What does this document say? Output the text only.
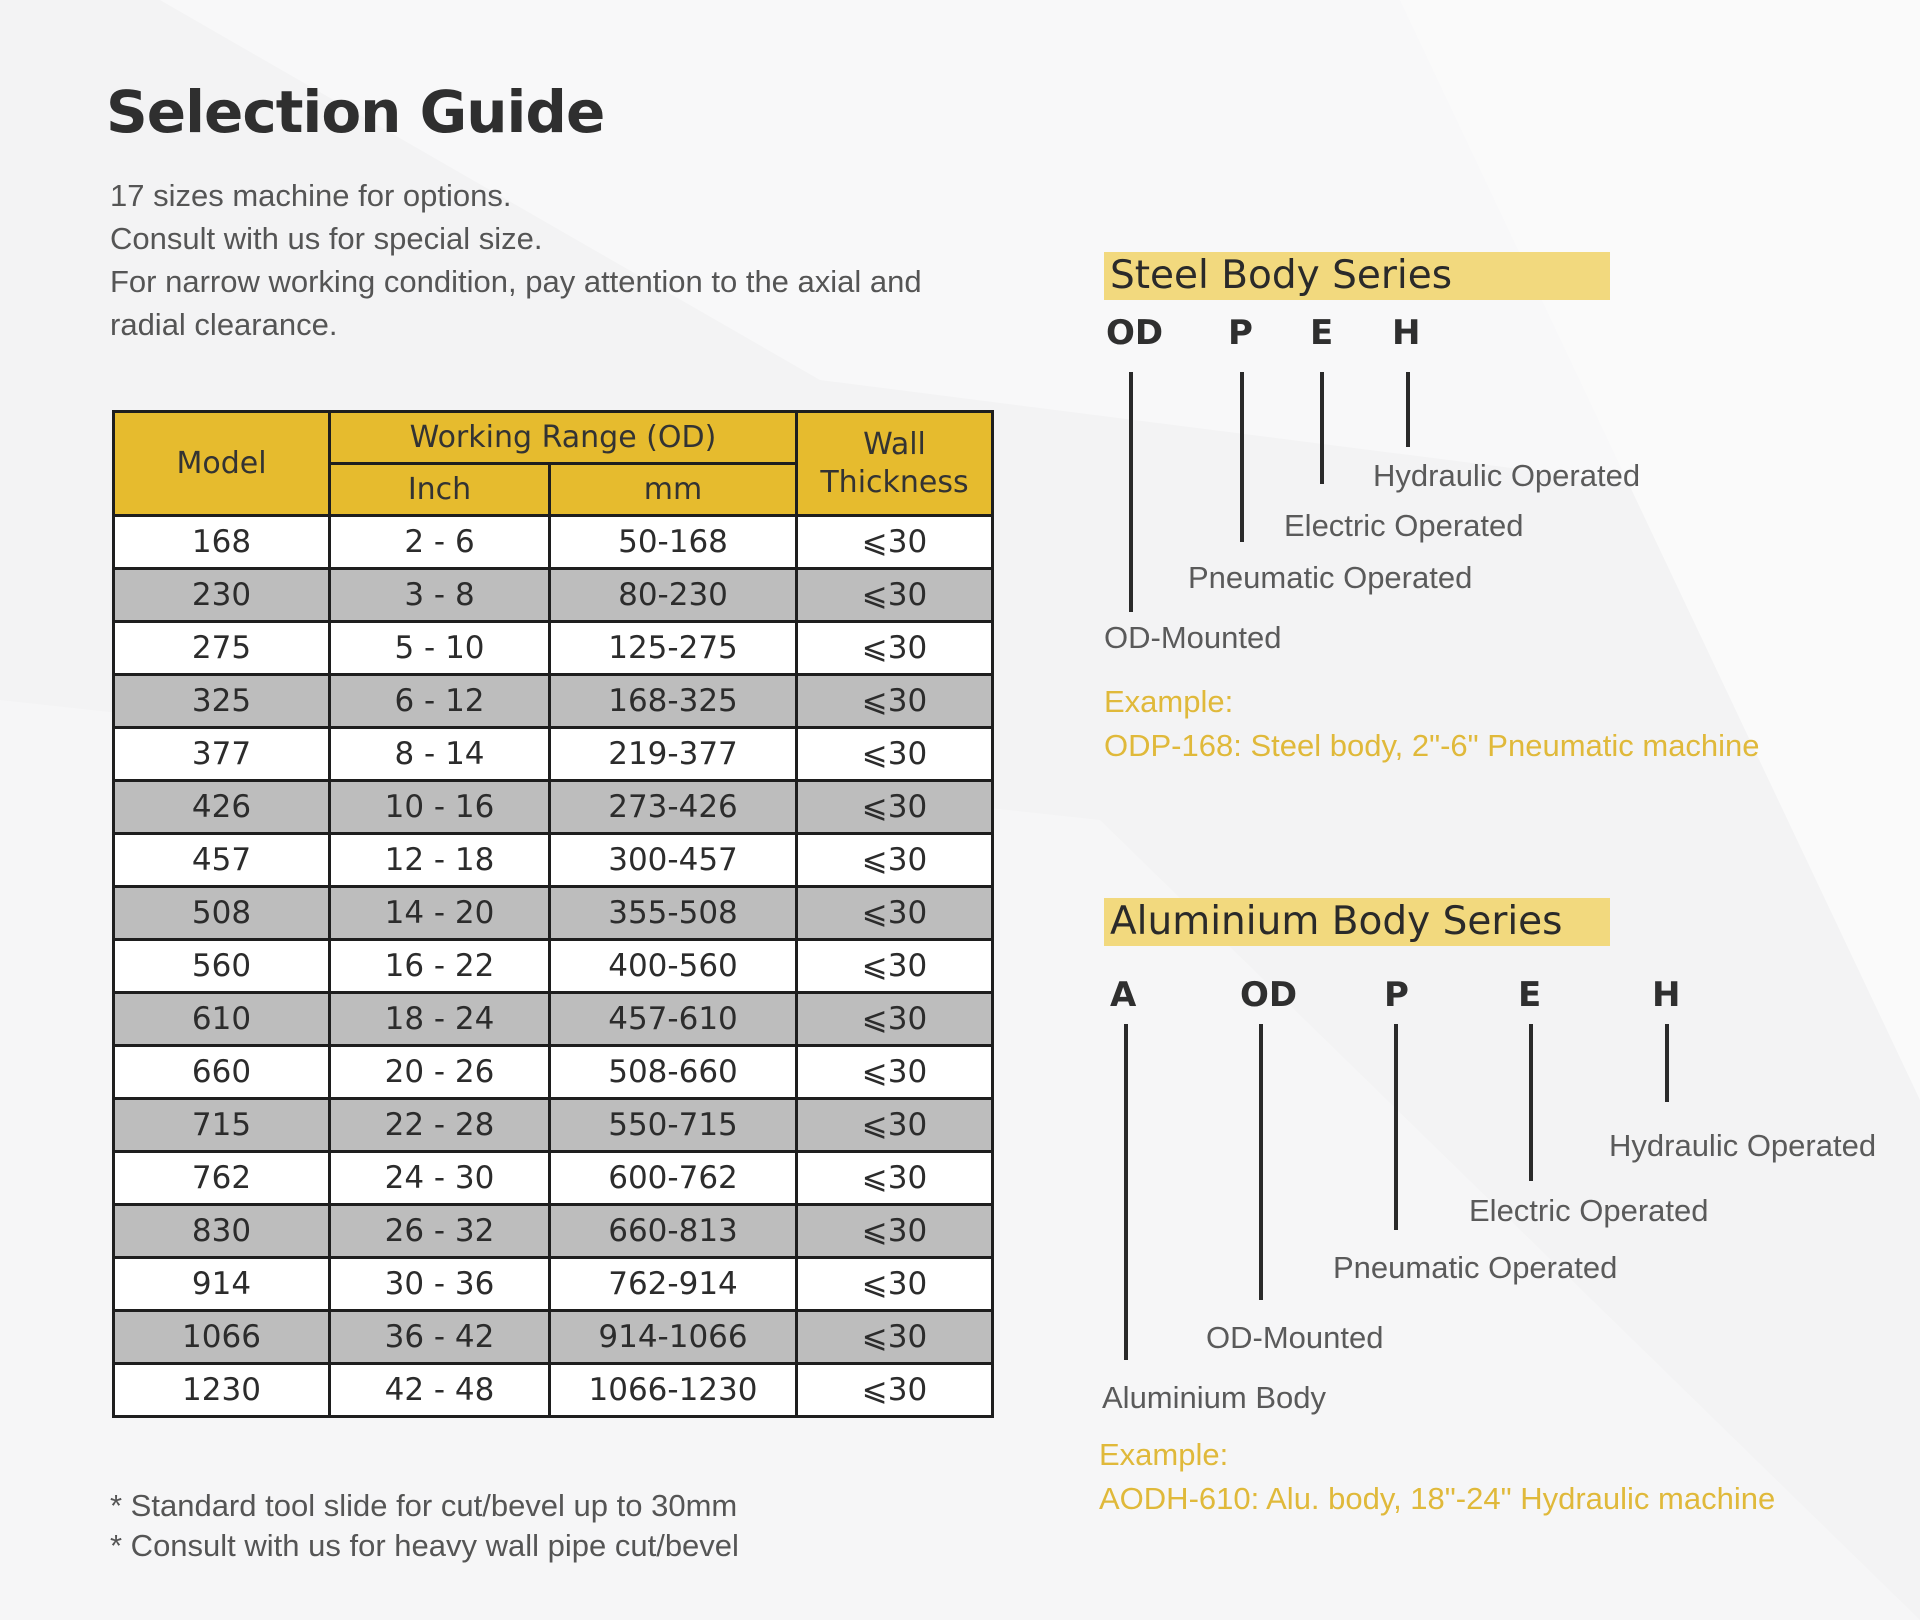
Selection Guide
17 sizes machine for options.
Consult with us for special size.
For narrow working condition, pay attention to the axial and
radial clearance.
Model	Working Range (OD)		Wall
Thickness

	Inch	mm	
168	2 - 6	50-168	⩽30
230	3 - 8	80-230	⩽30
275	5 - 10	125-275	⩽30
325	6 - 12	168-325	⩽30
377	8 - 14	219-377	⩽30
426	10 - 16	273-426	⩽30
457	12 - 18	300-457	⩽30
508	14 - 20	355-508	⩽30
560	16 - 22	400-560	⩽30
610	18 - 24	457-610	⩽30
660	20 - 26	508-660	⩽30
715	22 - 28	550-715	⩽30
762	24 - 30	600-762	⩽30
830	26 - 32	660-813	⩽30
914	30 - 36	762-914	⩽30
1066	36 - 42	914-1066	⩽30
1230	42 - 48	1066-1230	⩽30
* Standard tool slide for cut/bevel up to 30mm
* Consult with us for heavy wall pipe cut/bevel
Steel Body Series
OD P E H
Hydraulic Operated
Electric Operated
Pneumatic Operated
OD-Mounted
Example:
ODP-168: Steel body, 2"-6" Pneumatic machine
Aluminium Body Series
A	OD	P	E	H
Hydraulic Operated
Electric Operated
Pneumatic Operated
OD-Mounted
Aluminium Body
Example:
AODH-610: Alu. body, 18"-24" Hydraulic machine
